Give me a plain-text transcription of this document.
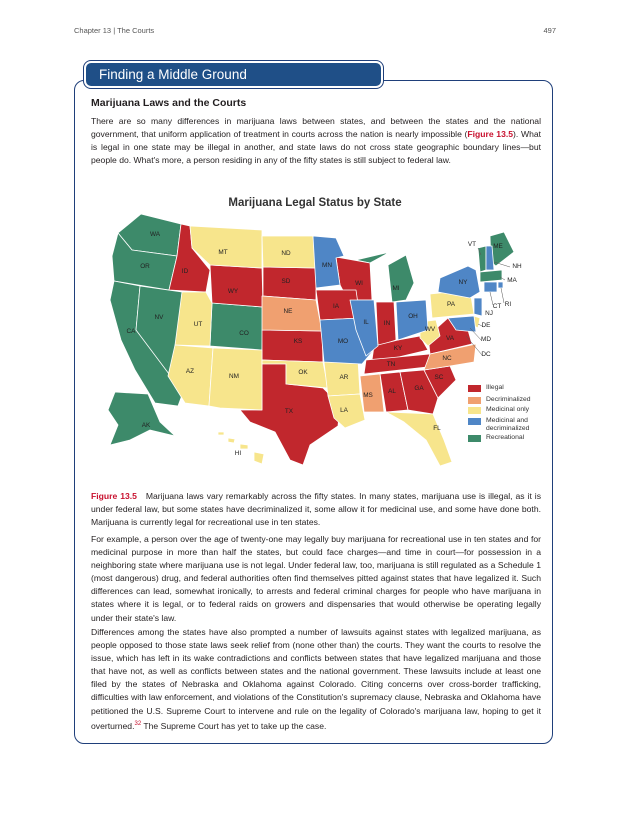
Chapter 13 | The Courts	497
Finding a Middle Ground
Marijuana Laws and the Courts
There are so many differences in marijuana laws between states, and between the states and the national government, that uniform application of treatment in courts across the nation is nearly impossible (Figure 13.5). What is legal in one state may be illegal in another, and state laws do not cross state geographic boundary lines—but people do. What's more, a person residing in any of the fifty states is still subject to federal law.
Marijuana Legal Status by State
WA
OR
CA
NV
ID
MT
WY
UT
CO
AZ
NM
ND
SD
NE
KS
OK
TX
MN
IA
MO
AR
LA
WI
IL
MI
IN
OH
KY
TN
MS
AL	GA
FL
SC
NC
VA
WV
PA
NY
VT	ME
NH
MA
RI
CT
NJ
DE
MD
DC
AK
HI
Illegal
Decriminalized
Medicinal only
Medicinal and decriminalized
Recreational
Figure 13.5 Marijuana laws vary remarkably across the fifty states. In many states, marijuana use is illegal, as it is under federal law, but some states have decriminalized it, some allow it for medicinal use, and some have done both. Marijuana is currently legal for recreational use in ten states.
For example, a person over the age of twenty-one may legally buy marijuana for recreational use in ten states and for medicinal purpose in more than half the states, but could face charges—and time in court—for possession in a neighboring state where marijuana use is not legal. Under federal law, too, marijuana is still regulated as a Schedule 1 (most dangerous) drug, and federal authorities often find themselves pitted against states that have legalized it. Such differences can lead, somewhat ironically, to arrests and federal criminal charges for people who have marijuana in states where it is legal, or to federal raids on growers and dispensaries that would otherwise be operating legally under their state's law.
Differences among the states have also prompted a number of lawsuits against states with legalized marijuana, as people opposed to those state laws seek relief from (none other than) the courts. They want the courts to resolve the issue, which has left in its wake contradictions and conflicts between states that have legalized marijuana and those that have not, as well as conflicts between states and the national government. These lawsuits include at least one filed by the states of Nebraska and Oklahoma against Colorado. Citing concerns over cross-border trafficking, difficulties with law enforcement, and violations of the Constitution's supremacy clause, Nebraska and Oklahoma have petitioned the U.S. Supreme Court to intervene and rule on the legality of Colorado's marijuana law, hoping to get it overturned.$^{32}$ The Supreme Court has yet to take up the case.
